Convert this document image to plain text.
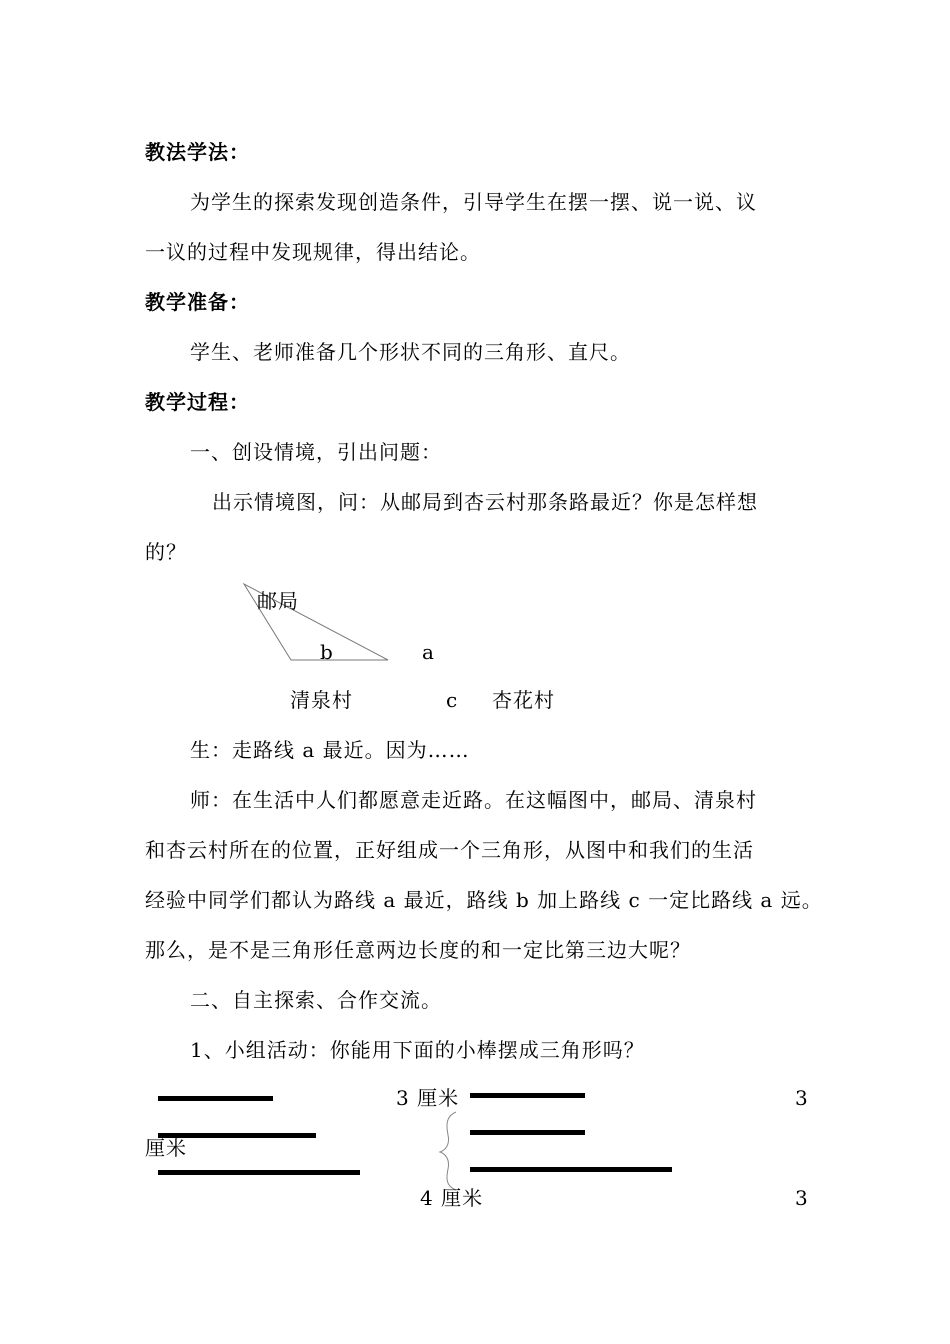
教法学法：

为学生的探索发现创造条件，引导学生在摆一摆、说一说、议

一议的过程中发现规律，得出结论。

教学准备：

学生、老师准备几个形状不同的三角形、直尺。

教学过程：

一、创设情境，引出问题：

出示情境图，问：从邮局到杏云村那条路最近？你是怎样想

的？

邮局

b	a

清泉村	c 杏花村

生：走路线 a 最近。因为……

师：在生活中人们都愿意走近路。在这幅图中，邮局、清泉村

和杏云村所在的位置，正好组成一个三角形，从图中和我们的生活

经验中同学们都认为路线 a 最近，路线 b 加上路线 c 一定比路线 a 远。

那么，是不是三角形任意两边长度的和一定比第三边大呢？

二、自主探索、合作交流。

1、小组活动：你能用下面的小棒摆成三角形吗？

3 厘米	3

厘米

4 厘米	3
